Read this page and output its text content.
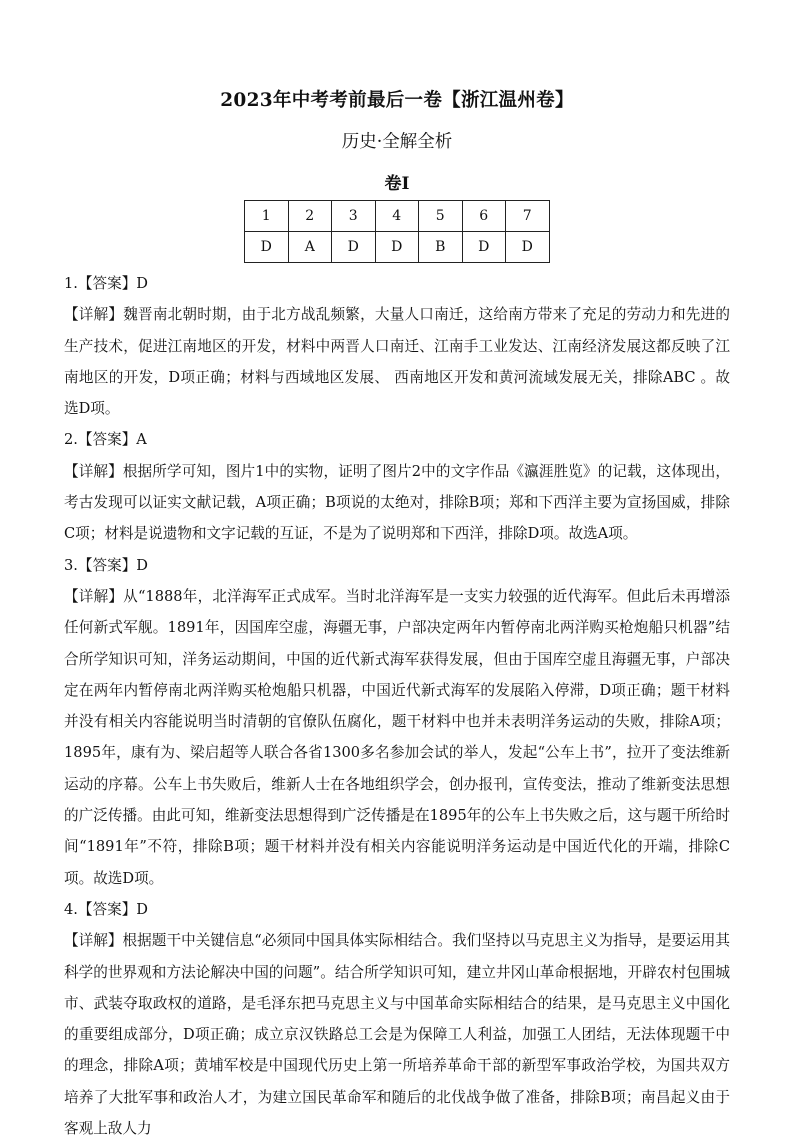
2023年中考考前最后一卷【浙江温州卷】
历史·全解全析
卷Ⅰ
1	2	3	4	5	6	7
D	A	D	D	B	D	D

1.【答案】D

【详解】魏晋南北朝时期，由于北方战乱频繁，大量人口南迁，这给南方带来了充足的劳动力和先进的生产技术，促进江南地区的开发，材料中两晋人口南迁、江南手工业发达、江南经济发展这都反映了江南地区的开发，D项正确；材料与西域地区发展、 西南地区开发和黄河流域发展无关，排除ABC 。故选D项。

2.【答案】A

【详解】根据所学可知，图片1中的实物，证明了图片2中的文字作品《瀛涯胜览》的记载，这体现出，考古发现可以证实文献记载，A项正确；B项说的太绝对，排除B项；郑和下西洋主要为宣扬国威，排除C项；材料是说遗物和文字记载的互证，不是为了说明郑和下西洋，排除D项。故选A项。

3.【答案】D

【详解】从“1888年，北洋海军正式成军。当时北洋海军是一支实力较强的近代海军。但此后未再增添任何新式军舰。1891年，因国库空虚，海疆无事，户部决定两年内暂停南北两洋购买枪炮船只机器”结合所学知识可知，洋务运动期间，中国的近代新式海军获得发展，但由于国库空虚且海疆无事，户部决定在两年内暂停南北两洋购买枪炮船只机器，中国近代新式海军的发展陷入停滞，D项正确；题干材料并没有相关内容能说明当时清朝的官僚队伍腐化，题干材料中也并未表明洋务运动的失败，排除A项；1895年，康有为、梁启超等人联合各省1300多名参加会试的举人，发起“公车上书”，拉开了变法维新运动的序幕。公车上书失败后，维新人士在各地组织学会，创办报刊，宣传变法，推动了维新变法思想的广泛传播。由此可知，维新变法思想得到广泛传播是在1895年的公车上书失败之后，这与题干所给时间“1891年”不符，排除B项；题干材料并没有相关内容能说明洋务运动是中国近代化的开端，排除C项。故选D项。

4.【答案】D

【详解】根据题干中关键信息“必须同中国具体实际相结合。我们坚持以马克思主义为指导，是要运用其科学的世界观和方法论解决中国的问题”。结合所学知识可知，建立井冈山革命根据地，开辟农村包围城市、武装夺取政权的道路，是毛泽东把马克思主义与中国革命实际相结合的结果，是马克思主义中国化的重要组成部分，D项正确；成立京汉铁路总工会是为保障工人利益，加强工人团结，无法体现题干中的理念，排除A项；黄埔军校是中国现代历史上第一所培养革命干部的新型军事政治学校，为国共双方培养了大批军事和政治人才，为建立国民革命军和随后的北伐战争做了准备，排除B项；南昌起义由于客观上敌人力
